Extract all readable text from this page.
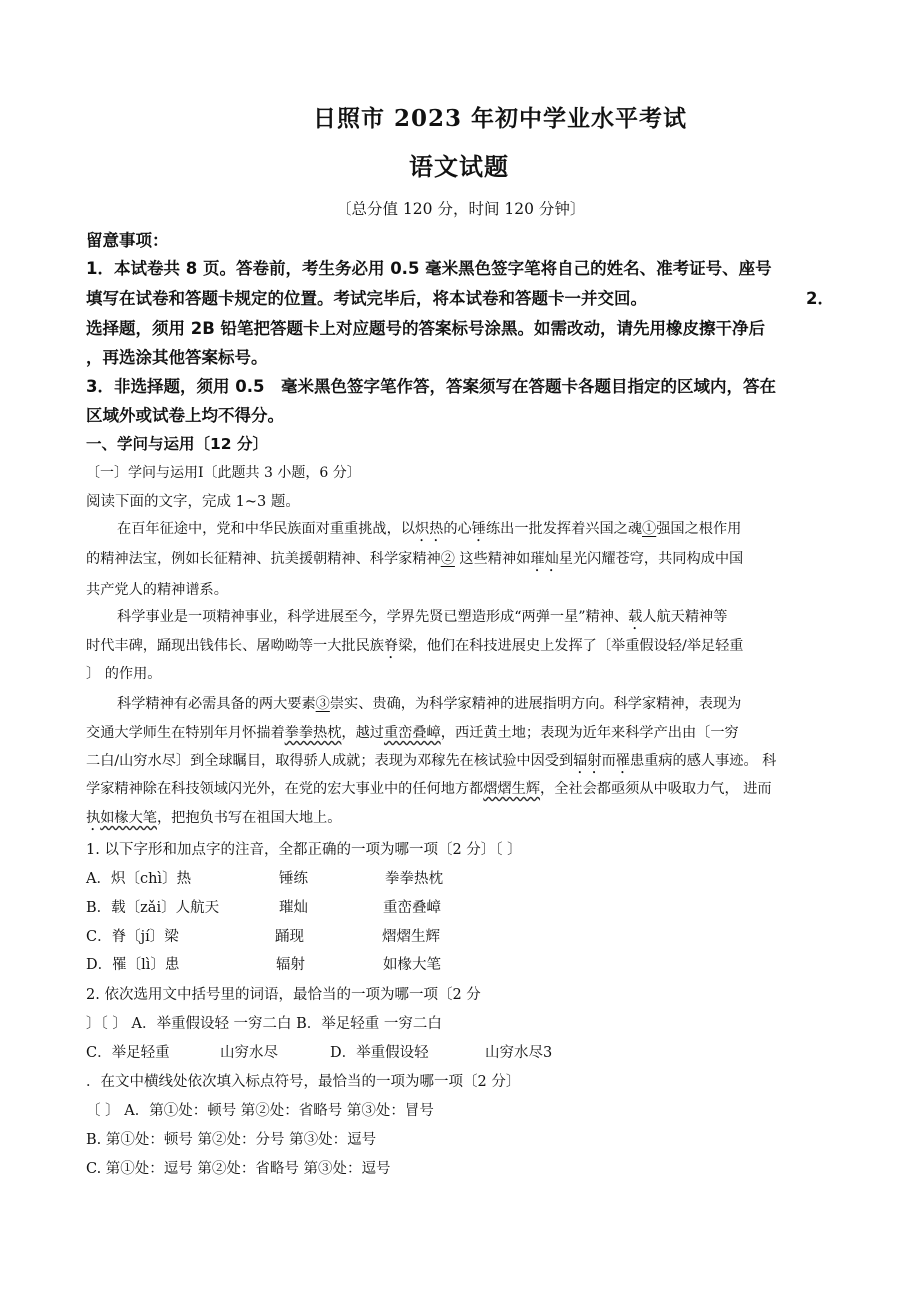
日照市 2023 年初中学业水平考试
语文试题
〔总分值 120 分，时间 120 分钟〕
留意事项：
1．本试卷共 8 页。答卷前，考生务必用 0.5 毫米黑色签字笔将自己的姓名、准考证号、座号
填写在试卷和答题卡规定的位置。考试完毕后，将本试卷和答题卡一并交回。	2．
选择题，须用 2B 铅笔把答题卡上对应题号的答案标号涂黑。如需改动，请先用橡皮擦干净后
，再选涂其他答案标号。
3．非选择题，须用 0.5　毫米黑色签字笔作答，答案须写在答题卡各题目指定的区域内，答在
区域外或试卷上均不得分。
一、学问与运用〔12 分〕
〔一〕学问与运用Ⅰ〔此题共 3 小题，6 分〕
阅读下面的文字，完成 1~3 题。
在百年征途中，党和中华民族面对重重挑战，以炽热的心锤练出一批发挥着兴国之魂①强国之根作用
的精神法宝，例如长征精神、抗美援朝精神、科学家精神② 这些精神如璀灿星光闪耀苍穹，共同构成中国
共产党人的精神谱系。
科学事业是一项精神事业，科学进展至今，学界先贤已塑造形成“两弹一星”精神、载人航天精神等
时代丰碑，踊现出钱伟长、屠呦呦等一大批民族脊梁，他们在科技进展史上发挥了〔举重假设轻/举足轻重
〕 的作用。
科学精神有必需具备的两大要素③崇实、贵确，为科学家精神的进展指明方向。科学家精神，表现为
交通大学师生在特别年月怀揣着拳拳热枕，越过重峦叠嶂，西迁黄土地；表现为近年来科学产出由〔一穷
二白/山穷水尽〕到全球瞩目，取得骄人成就；表现为邓稼先在核试验中因受到辐射而罹患重病的感人事迹。 科
学家精神除在科技领域闪光外，在党的宏大事业中的任何地方都熠熠生辉，全社会都亟须从中吸取力气， 进而
执如椽大笔，把抱负书写在祖国大地上。
1. 以下字形和加点字的注音，全都正确的一项为哪一项〔2 分〕〔 〕
A．炽〔chì〕热	锤练	拳拳热枕
B．载〔zǎi〕人航天	璀灿	重峦叠嶂
C．脊〔jí〕梁	踊现	熠熠生辉
D．罹〔lì〕患	辐射	如椽大笔
2. 依次选用文中括号里的词语，最恰当的一项为哪一项〔2 分
〕〔 〕 A．举重假设轻 一穷二白 B．举足轻重 一穷二白
C．举足轻重	山穷水尽	D．举重假设轻	山穷水尽3
．在文中横线处依次填入标点符号，最恰当的一项为哪一项〔2 分〕
〔 〕 A．第①处：顿号 第②处：省略号 第③处：冒号
B. 第①处：顿号 第②处：分号 第③处：逗号
C. 第①处：逗号 第②处：省略号 第③处：逗号
